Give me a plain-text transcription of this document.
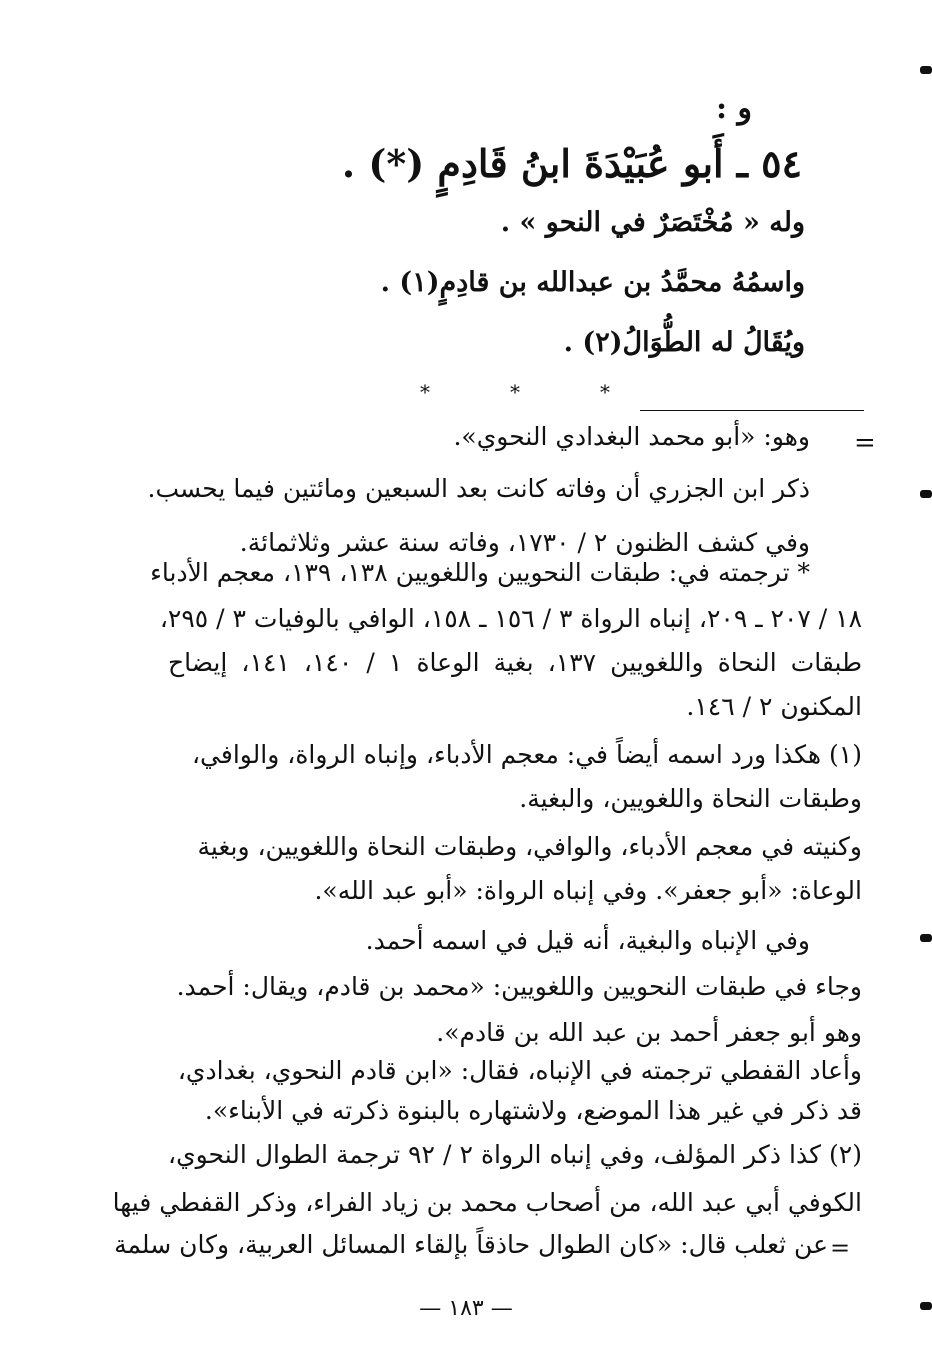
و :
٥٤ ـ أَبو عُبَيْدَةَ ابنُ قَادِمٍ (*) .
وله « مُخْتَصَرٌ في النحو » .
واسمُهُ محمَّدُ بن عبدالله بن قادِمٍ(١) .
ويُقَالُ له الطُّوَالُ(٢) .
*	*	*
=
وهو: «أبو محمد البغدادي النحوي».
ذكر ابن الجزري أن وفاته كانت بعد السبعين ومائتين فيما يحسب.
وفي كشف الظنون ٢ / ١٧٣٠، وفاته سنة عشر وثلاثمائة.
* ترجمته في: طبقات النحويين واللغويين ١٣٨، ١٣٩، معجم الأدباء
١٨ / ٢٠٧ ـ ٢٠٩، إنباه الرواة ٣ / ١٥٦ ـ ١٥٨، الوافي بالوفيات ٣ / ٢٩٥،
طبقات النحاة واللغويين ١٣٧، بغية الوعاة ١ / ١٤٠، ١٤١، إيضاح
المكنون ٢ / ١٤٦.
(١) هكذا ورد اسمه أيضاً في: معجم الأدباء، وإنباه الرواة، والوافي،
وطبقات النحاة واللغويين، والبغية.
وكنيته في معجم الأدباء، والوافي، وطبقات النحاة واللغويين، وبغية
الوعاة: «أبو جعفر». وفي إنباه الرواة: «أبو عبد الله».
وفي الإنباه والبغية، أنه قيل في اسمه أحمد.
وجاء في طبقات النحويين واللغويين: «محمد بن قادم، ويقال: أحمد.
وهو أبو جعفر أحمد بن عبد الله بن قادم».
وأعاد القفطي ترجمته في الإنباه، فقال: «ابن قادم النحوي، بغدادي،
قد ذكر في غير هذا الموضع، ولاشتهاره بالبنوة ذكرته في الأبناء».
(٢) كذا ذكر المؤلف، وفي إنباه الرواة ٢ / ٩٢ ترجمة الطوال النحوي،
الكوفي أبي عبد الله، من أصحاب محمد بن زياد الفراء، وذكر القفطي فيها
عن ثعلب قال: «كان الطوال حاذقاً بإلقاء المسائل العربية، وكان سلمة =
— ١٨٣ —
